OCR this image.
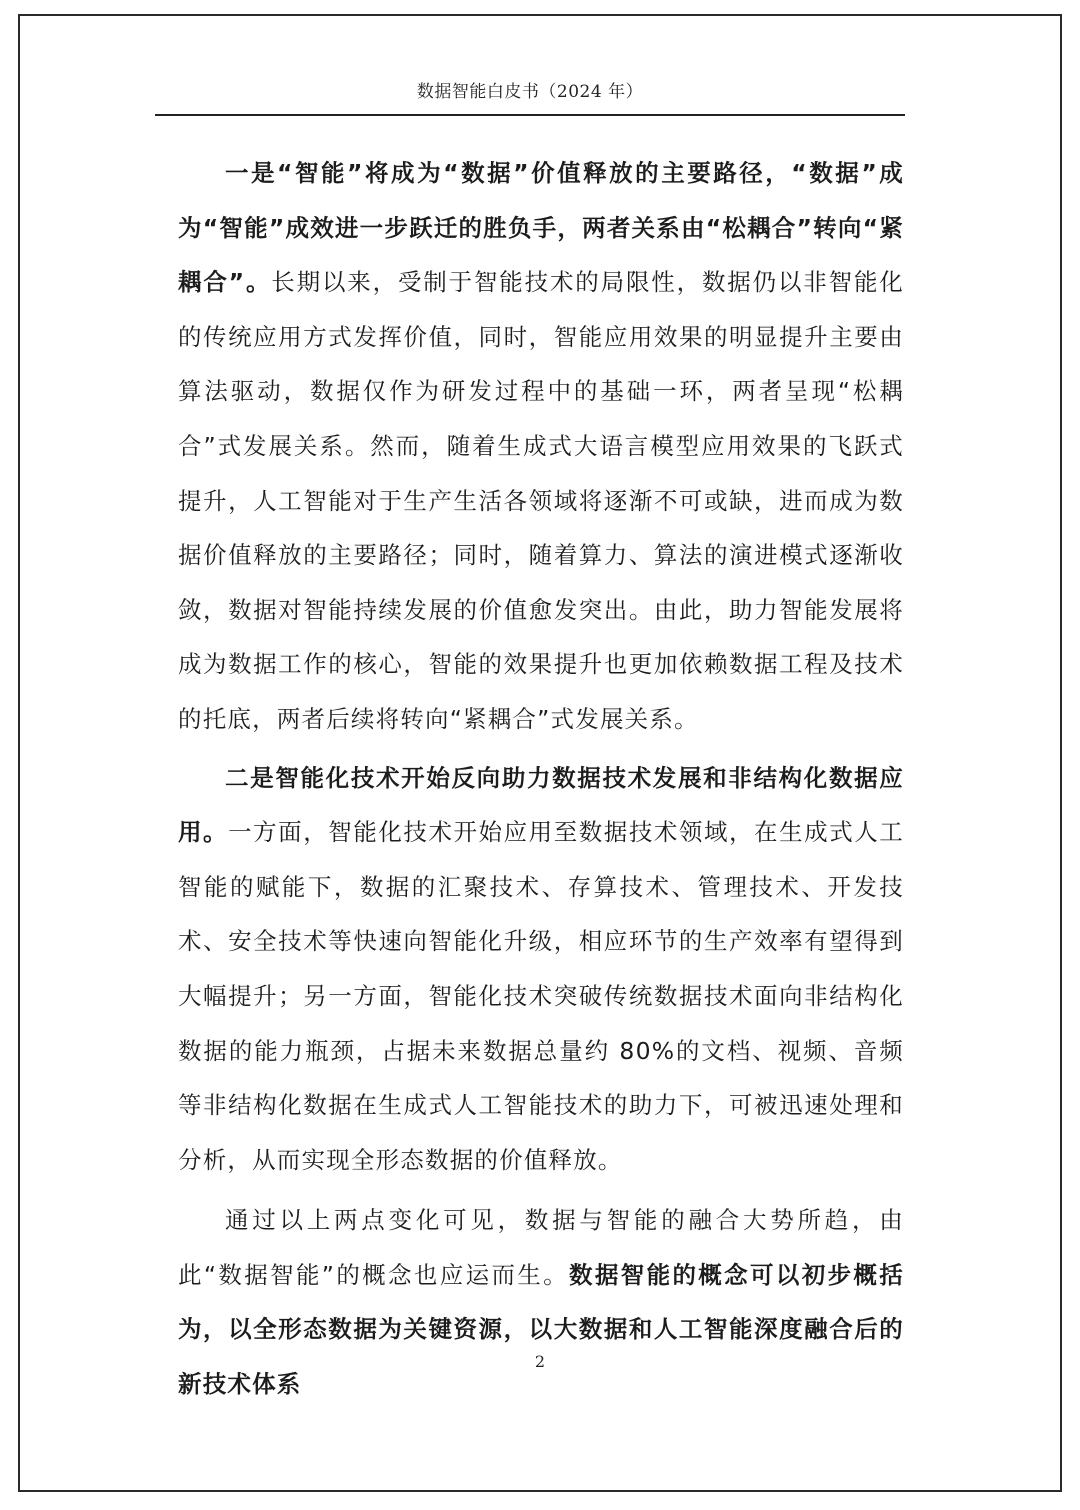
数据智能白皮书（2024 年）

一是“智能”将成为“数据”价值释放的主要路径，“数据”成为“智能”成效进一步跃迁的胜负手，两者关系由“松耦合”转向“紧耦合”。长期以来，受制于智能技术的局限性，数据仍以非智能化的传统应用方式发挥价值，同时，智能应用效果的明显提升主要由算法驱动，数据仅作为研发过程中的基础一环，两者呈现“松耦合”式发展关系。然而，随着生成式大语言模型应用效果的飞跃式提升，人工智能对于生产生活各领域将逐渐不可或缺，进而成为数据价值释放的主要路径；同时，随着算力、算法的演进模式逐渐收敛，数据对智能持续发展的价值愈发突出。由此，助力智能发展将成为数据工作的核心，智能的效果提升也更加依赖数据工程及技术的托底，两者后续将转向“紧耦合”式发展关系。

二是智能化技术开始反向助力数据技术发展和非结构化数据应用。一方面，智能化技术开始应用至数据技术领域，在生成式人工智能的赋能下，数据的汇聚技术、存算技术、管理技术、开发技术、安全技术等快速向智能化升级，相应环节的生产效率有望得到大幅提升；另一方面，智能化技术突破传统数据技术面向非结构化数据的能力瓶颈，占据未来数据总量约 80%的文档、视频、音频等非结构化数据在生成式人工智能技术的助力下，可被迅速处理和分析，从而实现全形态数据的价值释放。

通过以上两点变化可见，数据与智能的融合大势所趋，由此“数据智能”的概念也应运而生。数据智能的概念可以初步概括为，以全形态数据为关键资源，以大数据和人工智能深度融合后的新技术体系

2
